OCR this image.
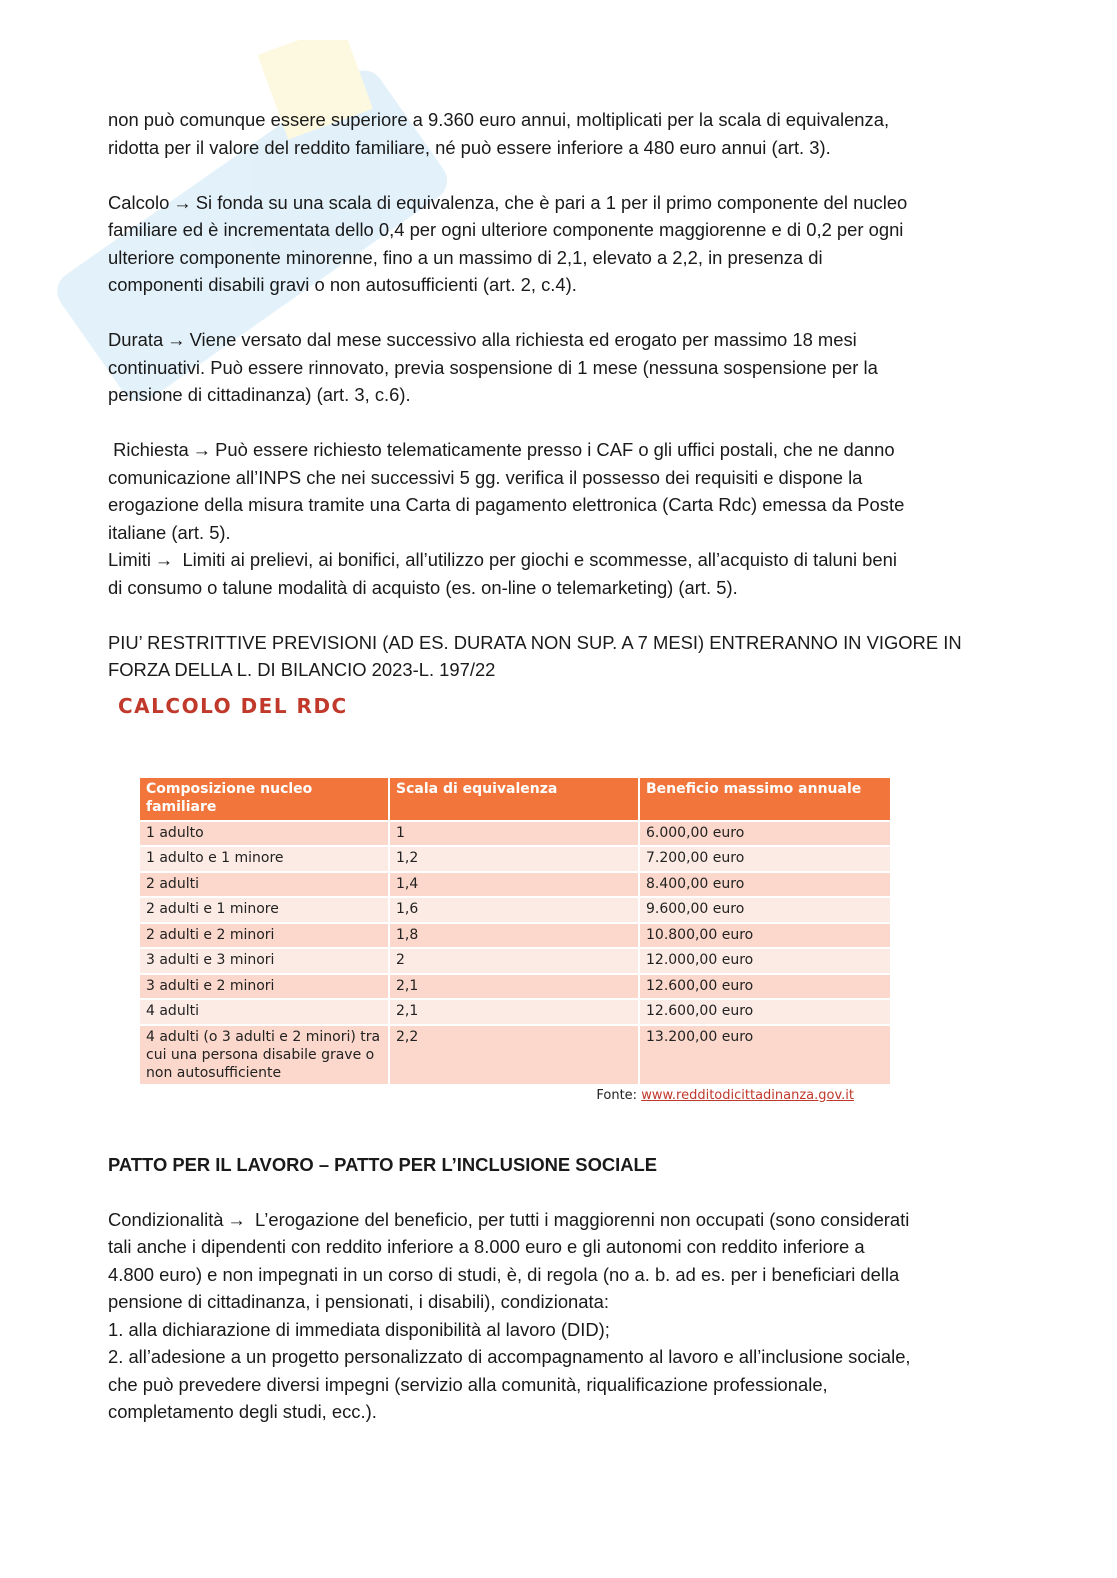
non può comunque essere superiore a 9.360 euro annui, moltiplicati per la scala di equivalenza,
ridotta per il valore del reddito familiare, né può essere inferiore a 480 euro annui (art. 3).

Calcolo → Si fonda su una scala di equivalenza, che è pari a 1 per il primo componente del nucleo
familiare ed è incrementata dello 0,4 per ogni ulteriore componente maggiorenne e di 0,2 per ogni
ulteriore componente minorenne, fino a un massimo di 2,1, elevato a 2,2, in presenza di
componenti disabili gravi o non autosufficienti (art. 2, c.4).

Durata → Viene versato dal mese successivo alla richiesta ed erogato per massimo 18 mesi
continuativi. Può essere rinnovato, previa sospensione di 1 mese (nessuna sospensione per la
pensione di cittadinanza) (art. 3, c.6).

Richiesta → Può essere richiesto telematicamente presso i CAF o gli uffici postali, che ne danno
comunicazione all’INPS che nei successivi 5 gg. verifica il possesso dei requisiti e dispone la
erogazione della misura tramite una Carta di pagamento elettronica (Carta Rdc) emessa da Poste
italiane (art. 5).

Limiti → Limiti ai prelievi, ai bonifici, all’utilizzo per giochi e scommesse, all’acquisto di taluni beni
di consumo o talune modalità di acquisto (es. on-line o telemarketing) (art. 5).

PIU’ RESTRITTIVE PREVISIONI (AD ES. DURATA NON SUP. A 7 MESI) ENTRERANNO IN VIGORE IN
FORZA DELLA L. DI BILANCIO 2023-L. 197/22

CALCOLO DEL RDC
Composizione nucleo familiare	Scala di equivalenza	Beneficio massimo annuale
1 adulto	1	6.000,00 euro
1 adulto e 1 minore	1,2	7.200,00 euro
2 adulti	1,4	8.400,00 euro
2 adulti e 1 minore	1,6	9.600,00 euro
2 adulti e 2 minori	1,8	10.800,00 euro
3 adulti e 3 minori	2	12.000,00 euro
3 adulti e 2 minori	2,1	12.600,00 euro
4 adulti	2,1	12.600,00 euro
4 adulti (o 3 adulti e 2 minori) tra cui una persona disabile grave o non autosufficiente	2,2	13.200,00 euro
Fonte: www.redditodicittadinanza.gov.it
PATTO PER IL LAVORO – PATTO PER L’INCLUSIONE SOCIALE

Condizionalità → L’erogazione del beneficio, per tutti i maggiorenni non occupati (sono considerati
tali anche i dipendenti con reddito inferiore a 8.000 euro e gli autonomi con reddito inferiore a
4.800 euro) e non impegnati in un corso di studi, è, di regola (no a. b. ad es. per i beneficiari della
pensione di cittadinanza, i pensionati, i disabili), condizionata:
1. alla dichiarazione di immediata disponibilità al lavoro (DID);
2. all’adesione a un progetto personalizzato di accompagnamento al lavoro e all’inclusione sociale,
che può prevedere diversi impegni (servizio alla comunità, riqualificazione professionale,
completamento degli studi, ecc.).
